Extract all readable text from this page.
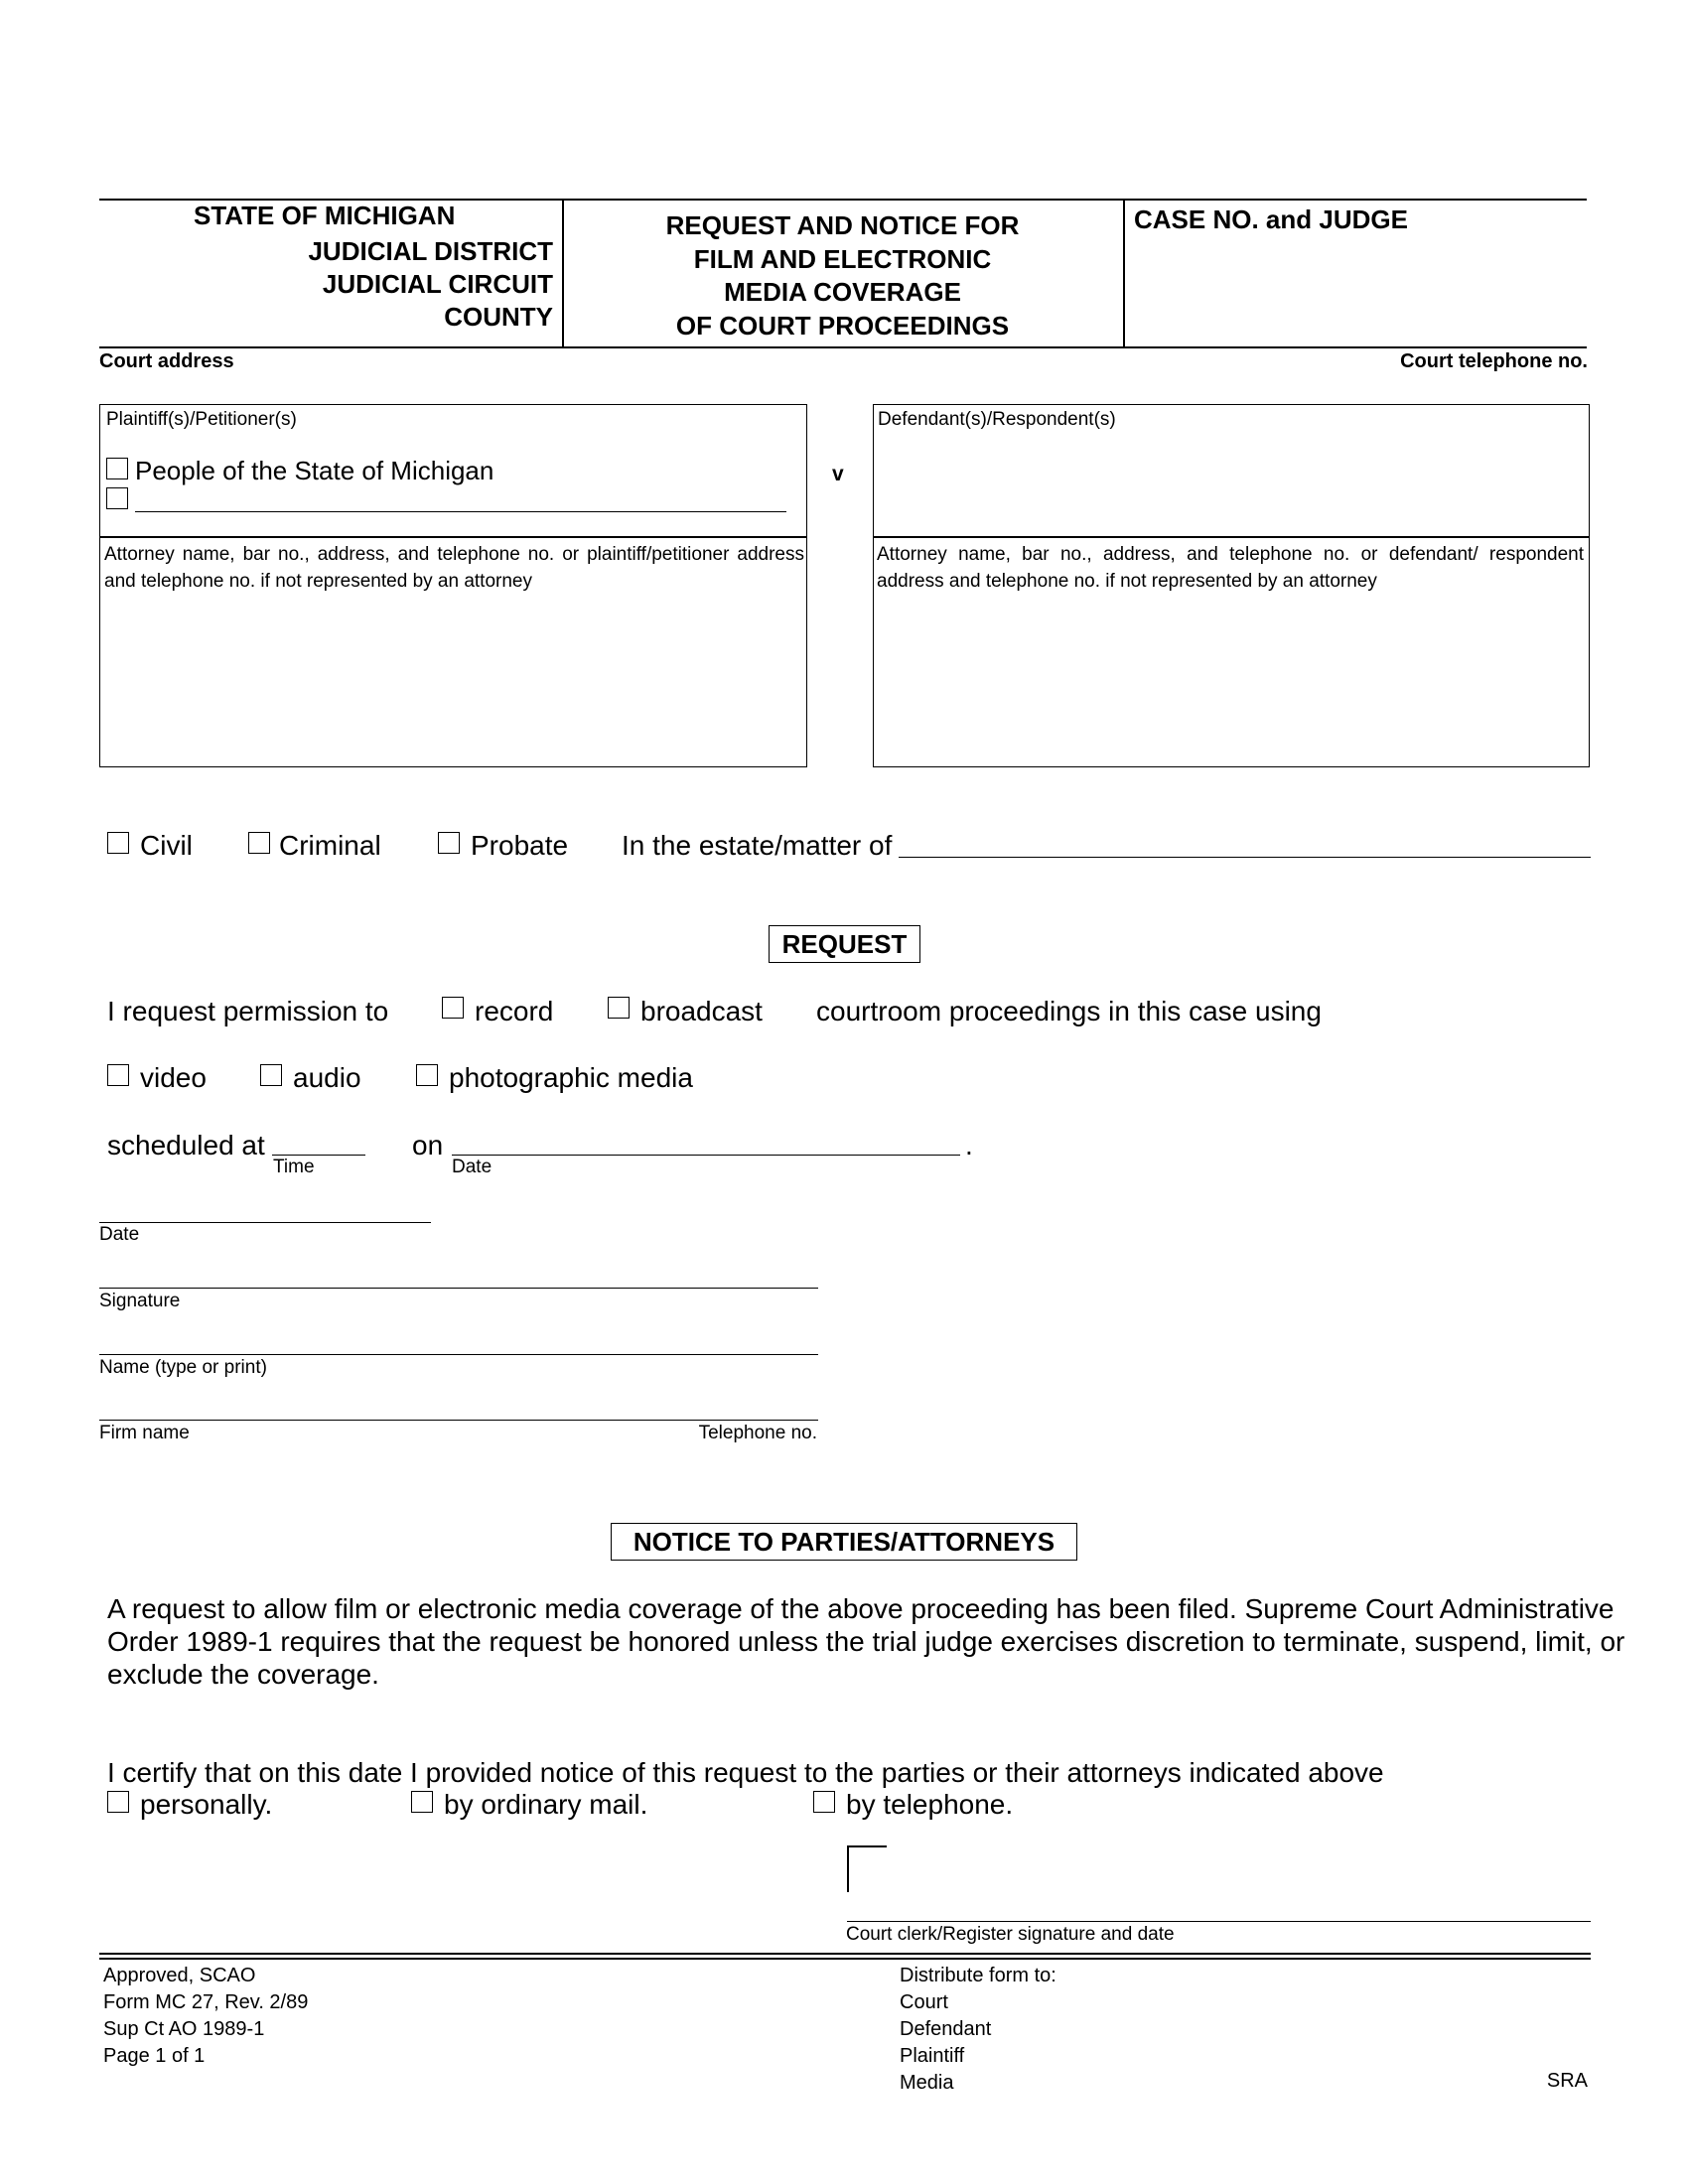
STATE OF MICHIGAN
JUDICIAL DISTRICT
JUDICIAL CIRCUIT
COUNTY
REQUEST AND NOTICE FOR
FILM AND ELECTRONIC
MEDIA COVERAGE
OF COURT PROCEEDINGS
CASE NO. and JUDGE
Court address	Court telephone no.
Plaintiff(s)/Petitioner(s)
People of the State of Michigan
Attorney name, bar no., address, and telephone no. or plaintiff/petitioner address and telephone no. if not represented by an attorney
v
Defendant(s)/Respondent(s)
Attorney name, bar no., address, and telephone no. or defendant/ respondent address and telephone no. if not represented by an attorney
Civil	Criminal	Probate In the estate/matter of
REQUEST
I request permission to	record	broadcast courtroom proceedings in this case using
video	audio	photographic media
scheduled at
Time
on
Date
.
Date
Signature
Name (type or print)
Firm name	Telephone no.
NOTICE TO PARTIES/ATTORNEYS
A request to allow film or electronic media coverage of the above proceeding has been filed. Supreme Court Administrative
Order 1989-1 requires that the request be honored unless the trial judge exercises discretion to terminate, suspend, limit, or
exclude the coverage.
I certify that on this date I provided notice of this request to the parties or their attorneys indicated above
personally.	by ordinary mail.	by telephone.
Court clerk/Register signature and date
Approved, SCAO
Form MC 27, Rev. 2/89
Sup Ct AO 1989-1
Page 1 of 1
Distribute form to:
Court
Defendant
Plaintiff
Media	SRA
